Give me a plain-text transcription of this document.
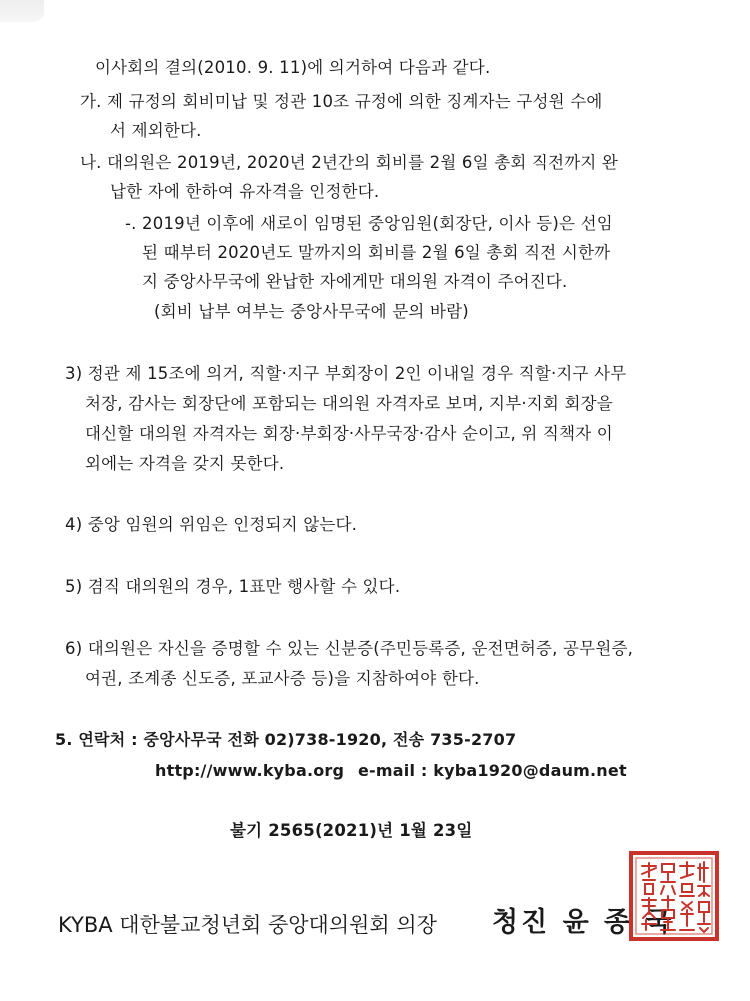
이사회의 결의(2010. 9. 11)에 의거하여 다음과 같다.
가. 제 규정의 회비미납 및 정관 10조 규정에 의한 징계자는 구성원 수에
서 제외한다.
나. 대의원은 2019년, 2020년 2년간의 회비를 2월 6일 총회 직전까지 완
납한 자에 한하여 유자격을 인정한다.
-. 2019년 이후에 새로이 임명된 중앙임원(회장단, 이사 등)은 선임
된 때부터 2020년도 말까지의 회비를 2월 6일 총회 직전 시한까
지 중앙사무국에 완납한 자에게만 대의원 자격이 주어진다.
(회비 납부 여부는 중앙사무국에 문의 바람)
3) 정관 제 15조에 의거, 직할·지구 부회장이 2인 이내일 경우 직할·지구 사무
처장, 감사는 회장단에 포함되는 대의원 자격자로 보며, 지부·지회 회장을
대신할 대의원 자격자는 회장·부회장·사무국장·감사 순이고, 위 직책자 이
외에는 자격을 갖지 못한다.
4) 중앙 임원의 위임은 인정되지 않는다.
5) 겸직 대의원의 경우, 1표만 행사할 수 있다.
6) 대의원은 자신을 증명할 수 있는 신분증(주민등록증, 운전면허증, 공무원증,
여권, 조계종 신도증, 포교사증 등)을 지참하여야 한다.
5. 연락처 : 중앙사무국 전화 02)738-1920, 전송 735-2707
http://www.kyba.org e-mail : kyba1920@daum.net
불기 2565(2021)년 1월 23일
KYBA 대한불교청년회 중앙대의원회 의장 청진 윤 종 국
